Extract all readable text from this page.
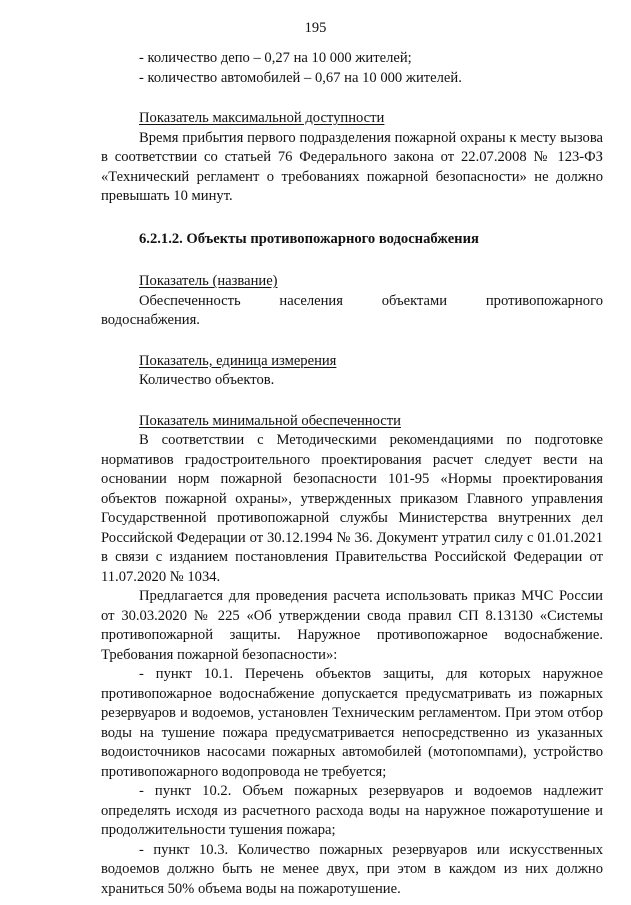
195

- количество депо – 0,27 на 10 000 жителей;

- количество автомобилей – 0,67 на 10 000 жителей.

Показатель максимальной доступности

Время прибытия первого подразделения пожарной охраны к месту вызова в соответствии со статьей 76 Федерального закона от 22.07.2008 № 123-ФЗ «Технический регламент о требованиях пожарной безопасности» не должно превышать 10 минут.

6.2.1.2. Объекты противопожарного водоснабжения

Показатель (название)

Обеспеченность населения объектами противопожарного

водоснабжения.

Показатель, единица измерения

Количество объектов.

Показатель минимальной обеспеченности

В соответствии с Методическими рекомендациями по подготовке нормативов градостроительного проектирования расчет следует вести на основании норм пожарной безопасности 101-95 «Нормы проектирования объектов пожарной охраны», утвержденных приказом Главного управления Государственной противопожарной службы Министерства внутренних дел Российской Федерации от 30.12.1994 № 36. Документ утратил силу с 01.01.2021 в связи с изданием постановления Правительства Российской Федерации от 11.07.2020 № 1034.

Предлагается для проведения расчета использовать приказ МЧС России от 30.03.2020 № 225 «Об утверждении свода правил СП 8.13130 «Системы противопожарной защиты. Наружное противопожарное водоснабжение. Требования пожарной безопасности»:

- пункт 10.1. Перечень объектов защиты, для которых наружное противопожарное водоснабжение допускается предусматривать из пожарных резервуаров и водоемов, установлен Техническим регламентом. При этом отбор воды на тушение пожара предусматривается непосредственно из указанных водоисточников насосами пожарных автомобилей (мотопомпами), устройство противопожарного водопровода не требуется;

- пункт 10.2. Объем пожарных резервуаров и водоемов надлежит определять исходя из расчетного расхода воды на наружное пожаротушение и продолжительности тушения пожара;

- пункт 10.3. Количество пожарных резервуаров или искусственных водоемов должно быть не менее двух, при этом в каждом из них должно храниться 50% объема воды на пожаротушение.
